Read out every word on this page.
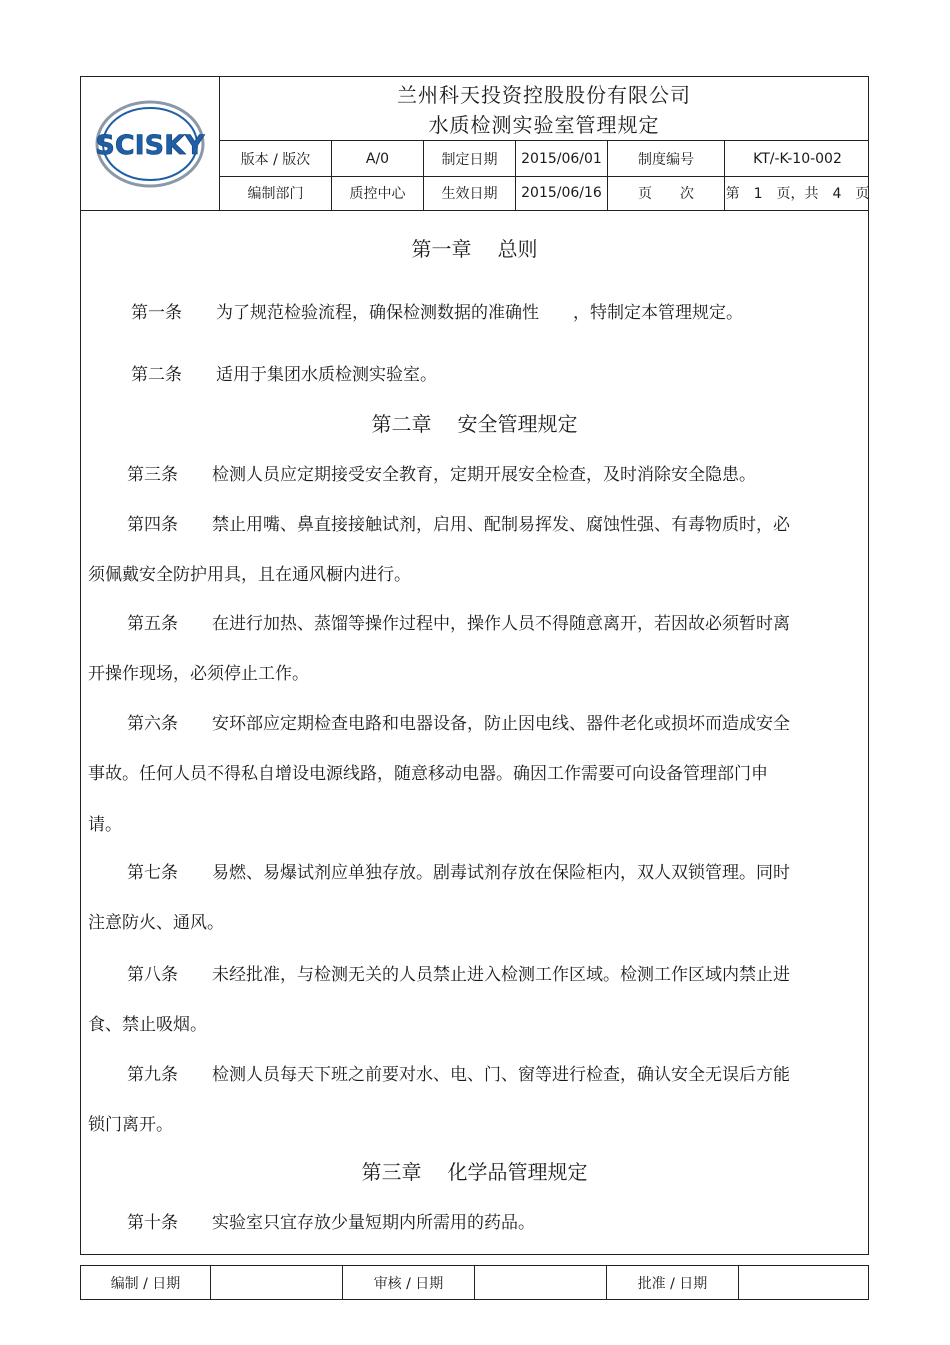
SCISKY
兰州科天投资控股股份有限公司
水质检测实验室管理规定
版本 / 版次	A/0	制定日期	2015/06/01	制度编号	KT/-K-10-002
编制部门	质控中心	生效日期	2015/06/16	页　　次	第　1　页，共　4　页
第一章 总则
第一条　　 为了规范检验流程，确保检测数据的准确性　　，特制定本管理规定。
第二条　　 适用于集团水质检测实验室。
第二章 安全管理规定
第三条　　 检测人员应定期接受安全教育，定期开展安全检查，及时消除安全隐患。
第四条　　 禁止用嘴、鼻直接接触试剂，启用、配制易挥发、腐蚀性强、有毒物质时，必
须佩戴安全防护用具，且在通风橱内进行。
第五条　　 在进行加热、蒸馏等操作过程中，操作人员不得随意离开，若因故必须暂时离
开操作现场，必须停止工作。
第六条　　 安环部应定期检查电路和电器设备，防止因电线、器件老化或损坏而造成安全
事故。任何人员不得私自增设电源线路，随意移动电器。确因工作需要可向设备管理部门申
请。
第七条　　 易燃、易爆试剂应单独存放。剧毒试剂存放在保险柜内，双人双锁管理。同时
注意防火、通风。
第八条　　 未经批准，与检测无关的人员禁止进入检测工作区域。检测工作区域内禁止进
食、禁止吸烟。
第九条　　 检测人员每天下班之前要对水、电、门、窗等进行检查，确认安全无误后方能
锁门离开。
第三章 化学品管理规定
第十条　　 实验室只宜存放少量短期内所需用的药品。
编制 / 日期	审核 / 日期	批准 / 日期
